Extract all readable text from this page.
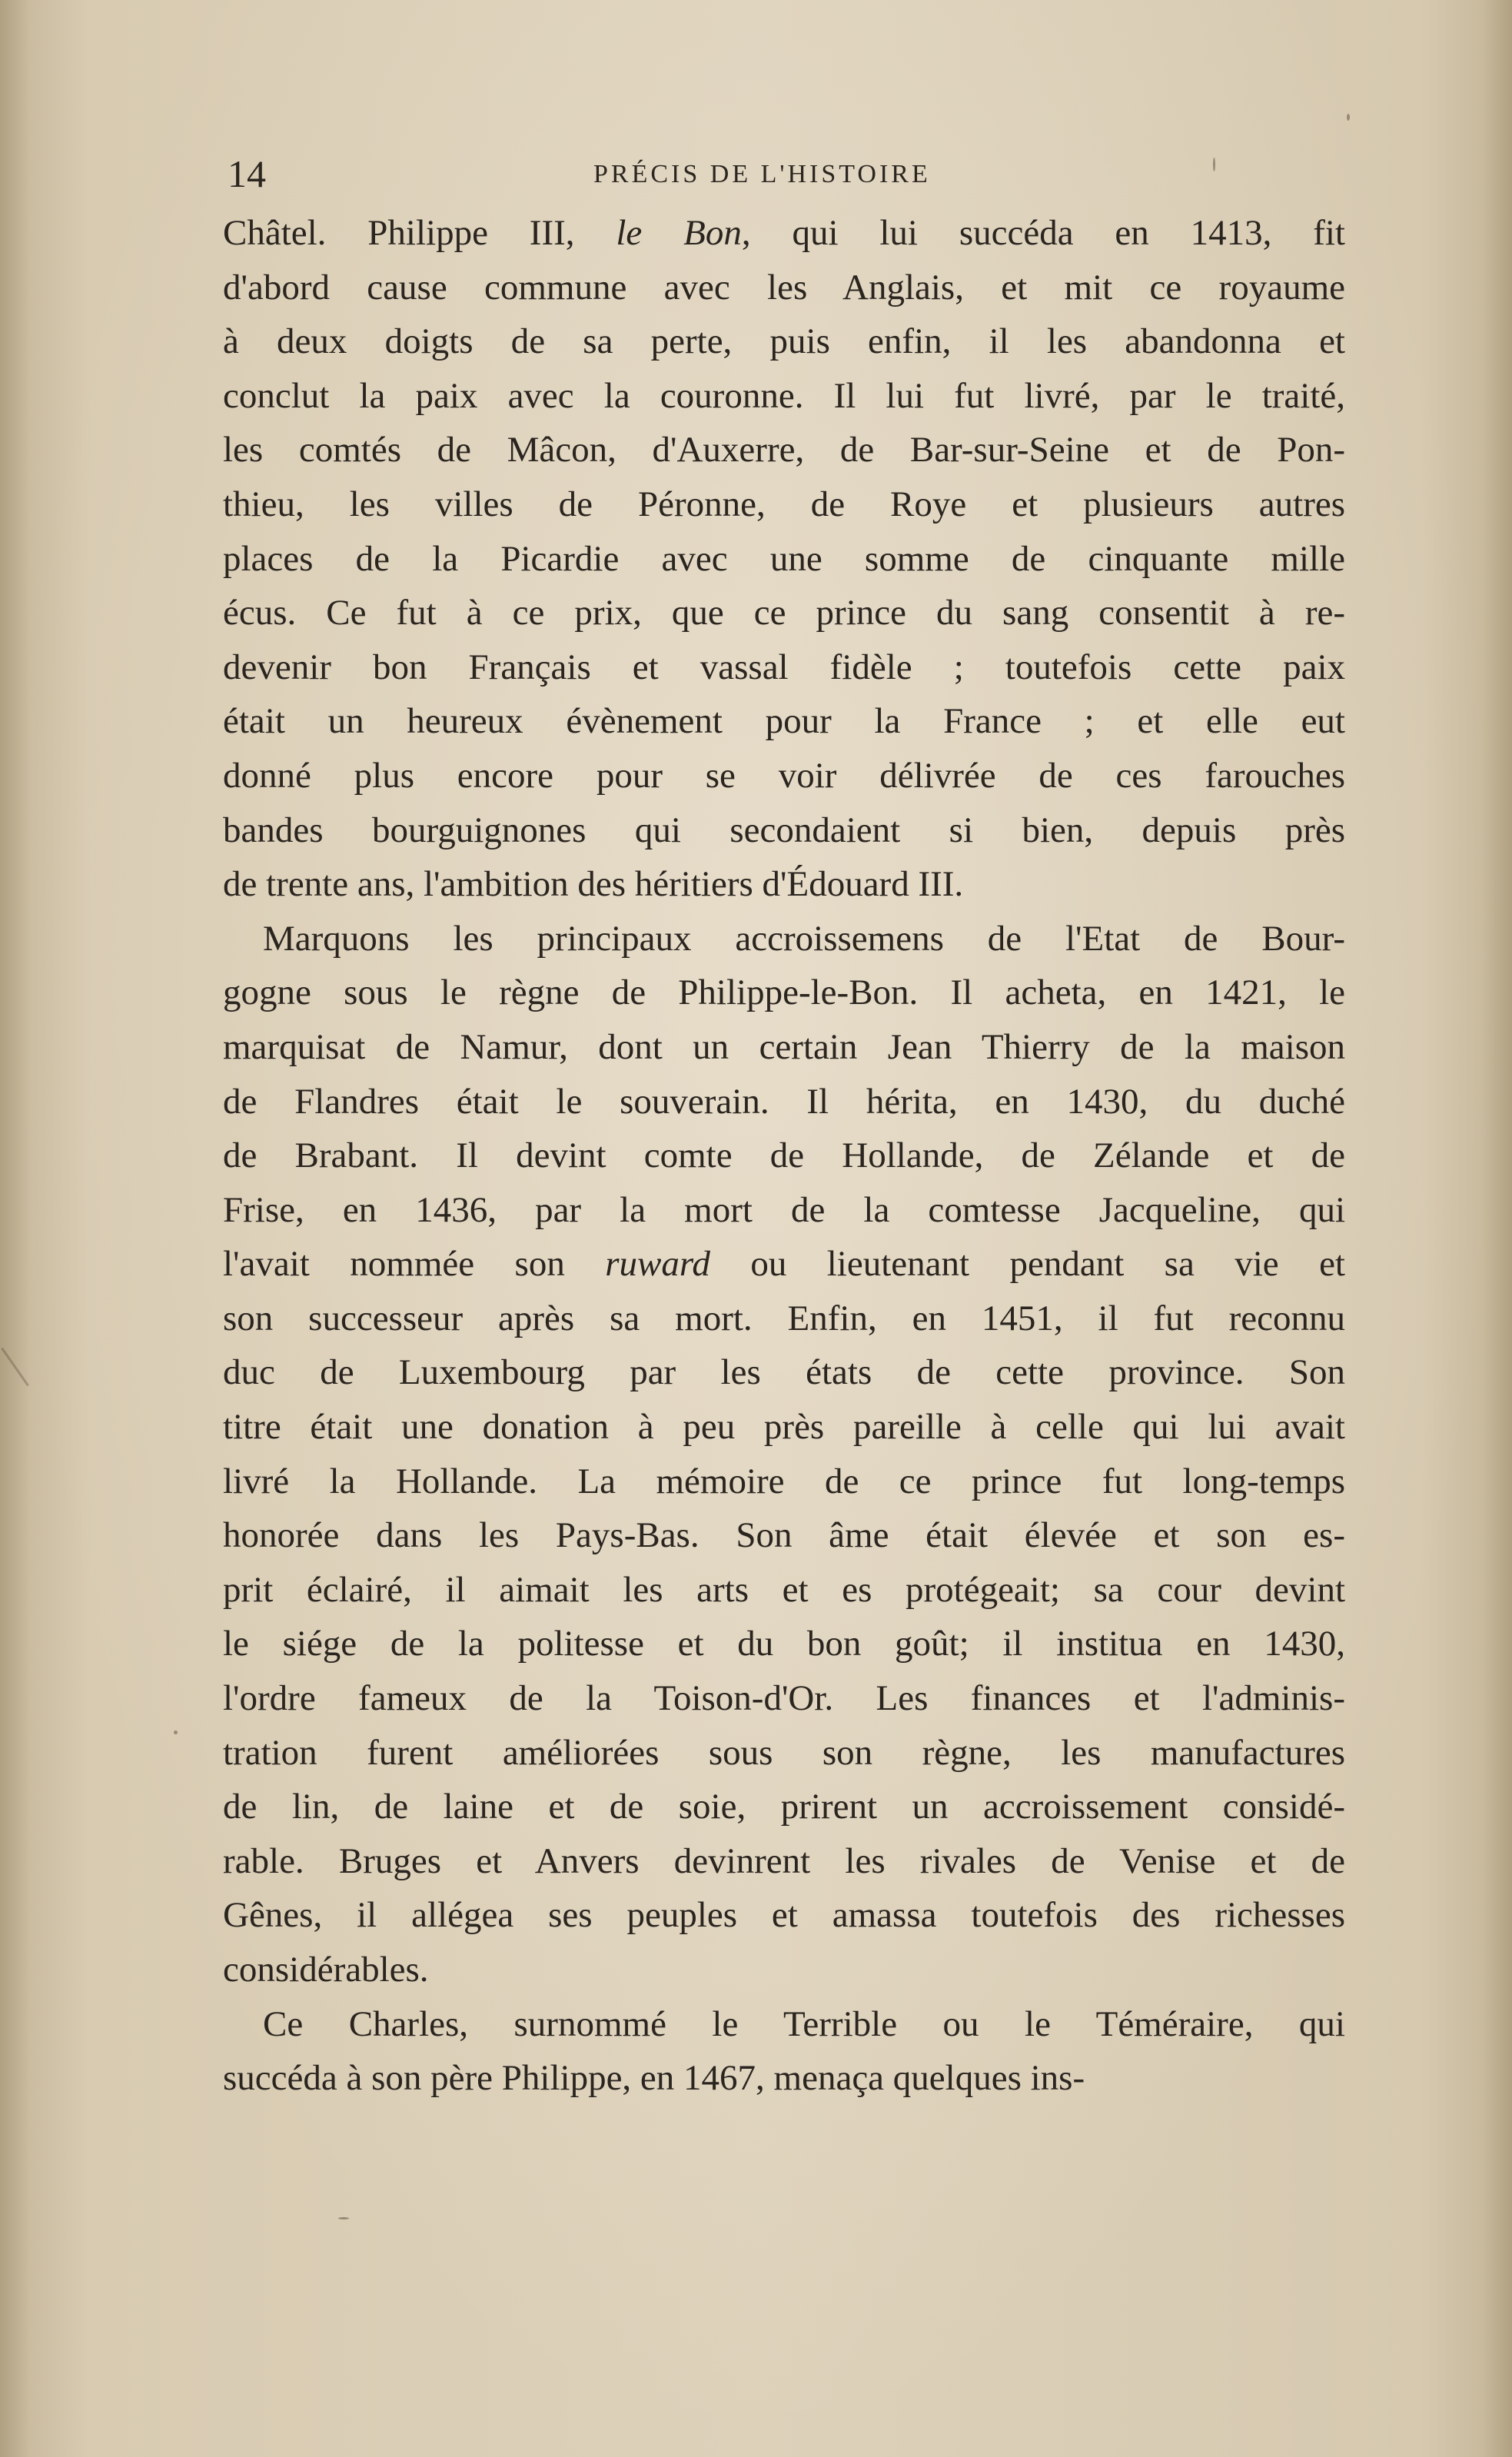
14	PRÉCIS DE L'HISTOIRE
Châtel. Philippe III, le Bon, qui lui succéda en 1413, fit
d'abord cause commune avec les Anglais, et mit ce royaume
à deux doigts de sa perte, puis enfin, il les abandonna et
conclut la paix avec la couronne. Il lui fut livré, par le traité,
les comtés de Mâcon, d'Auxerre, de Bar-sur-Seine et de Pon-
thieu, les villes de Péronne, de Roye et plusieurs autres
places de la Picardie avec une somme de cinquante mille
écus. Ce fut à ce prix, que ce prince du sang consentit à re-
devenir bon Français et vassal fidèle ; toutefois cette paix
était un heureux évènement pour la France ; et elle eut
donné plus encore pour se voir délivrée de ces farouches
bandes bourguignones qui secondaient si bien, depuis près
de trente ans, l'ambition des héritiers d'Édouard III.
Marquons les principaux accroissemens de l'Etat de Bour-
gogne sous le règne de Philippe-le-Bon. Il acheta, en 1421, le
marquisat de Namur, dont un certain Jean Thierry de la maison
de Flandres était le souverain. Il hérita, en 1430, du duché
de Brabant. Il devint comte de Hollande, de Zélande et de
Frise, en 1436, par la mort de la comtesse Jacqueline, qui
l'avait nommée son ruward ou lieutenant pendant sa vie et
son successeur après sa mort. Enfin, en 1451, il fut reconnu
duc de Luxembourg par les états de cette province. Son
titre était une donation à peu près pareille à celle qui lui avait
livré la Hollande. La mémoire de ce prince fut long-temps
honorée dans les Pays-Bas. Son âme était élevée et son es-
prit éclairé, il aimait les arts et es protégeait; sa cour devint
le siége de la politesse et du bon goût; il institua en 1430,
l'ordre fameux de la Toison-d'Or. Les finances et l'adminis-
tration furent améliorées sous son règne, les manufactures
de lin, de laine et de soie, prirent un accroissement considé-
rable. Bruges et Anvers devinrent les rivales de Venise et de
Gênes, il allégea ses peuples et amassa toutefois des richesses
considérables.
Ce Charles, surnommé le Terrible ou le Téméraire, qui
succéda à son père Philippe, en 1467, menaça quelques ins-
